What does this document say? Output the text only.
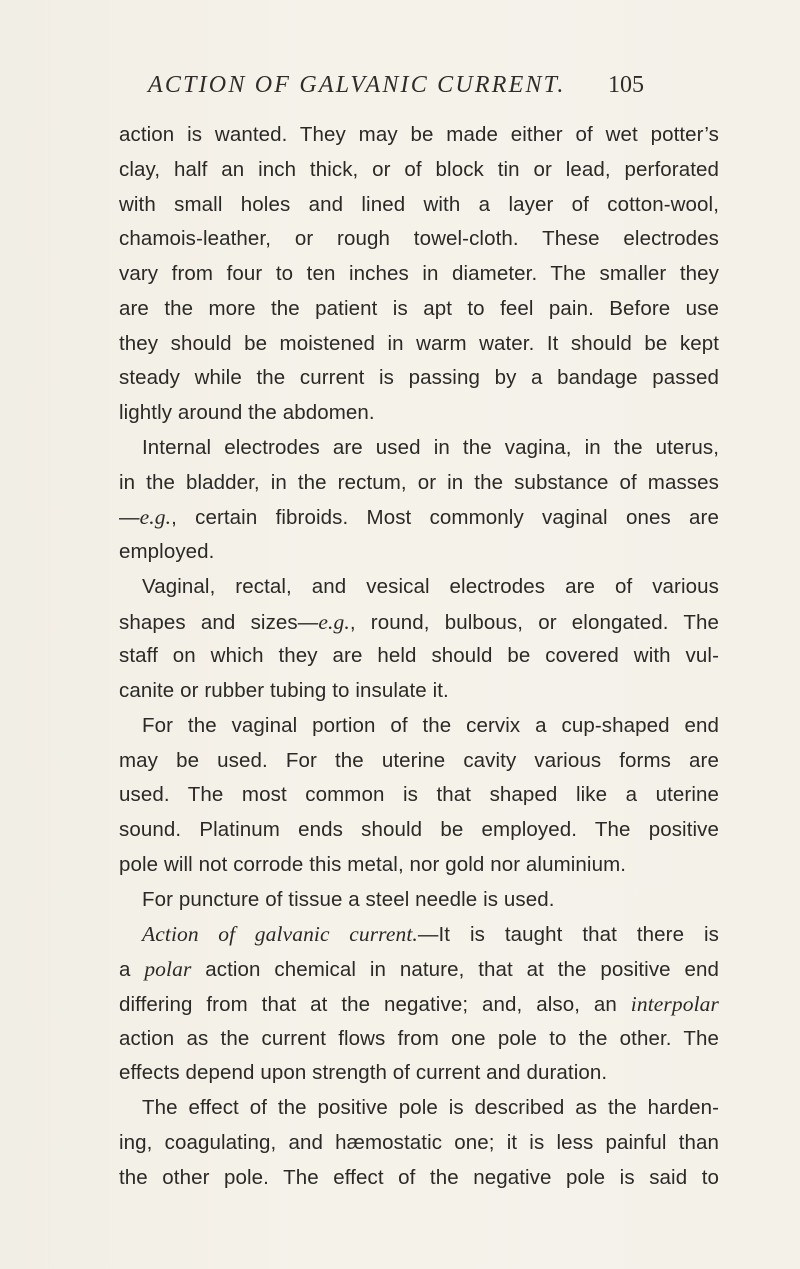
ACTION OF GALVANIC CURRENT. 105
action is wanted. They may be made either of wet potter’s
clay, half an inch thick, or of block tin or lead, perforated
with small holes and lined with a layer of cotton-wool,
chamois-leather, or rough towel-cloth. These electrodes
vary from four to ten inches in diameter. The smaller they
are the more the patient is apt to feel pain. Before use
they should be moistened in warm water. It should be kept
steady while the current is passing by a bandage passed
lightly around the abdomen.
Internal electrodes are used in the vagina, in the uterus,
in the bladder, in the rectum, or in the substance of masses
—e.g., certain fibroids. Most commonly vaginal ones are
employed.
Vaginal, rectal, and vesical electrodes are of various
shapes and sizes—e.g., round, bulbous, or elongated. The
staff on which they are held should be covered with vul-
canite or rubber tubing to insulate it.
For the vaginal portion of the cervix a cup-shaped end
may be used. For the uterine cavity various forms are
used. The most common is that shaped like a uterine
sound. Platinum ends should be employed. The positive
pole will not corrode this metal, nor gold nor aluminium.
For puncture of tissue a steel needle is used.
Action of galvanic current.—It is taught that there is
a polar action chemical in nature, that at the positive end
differing from that at the negative; and, also, an interpolar
action as the current flows from one pole to the other. The
effects depend upon strength of current and duration.
The effect of the positive pole is described as the harden-
ing, coagulating, and hæmostatic one; it is less painful than
the other pole. The effect of the negative pole is said to
